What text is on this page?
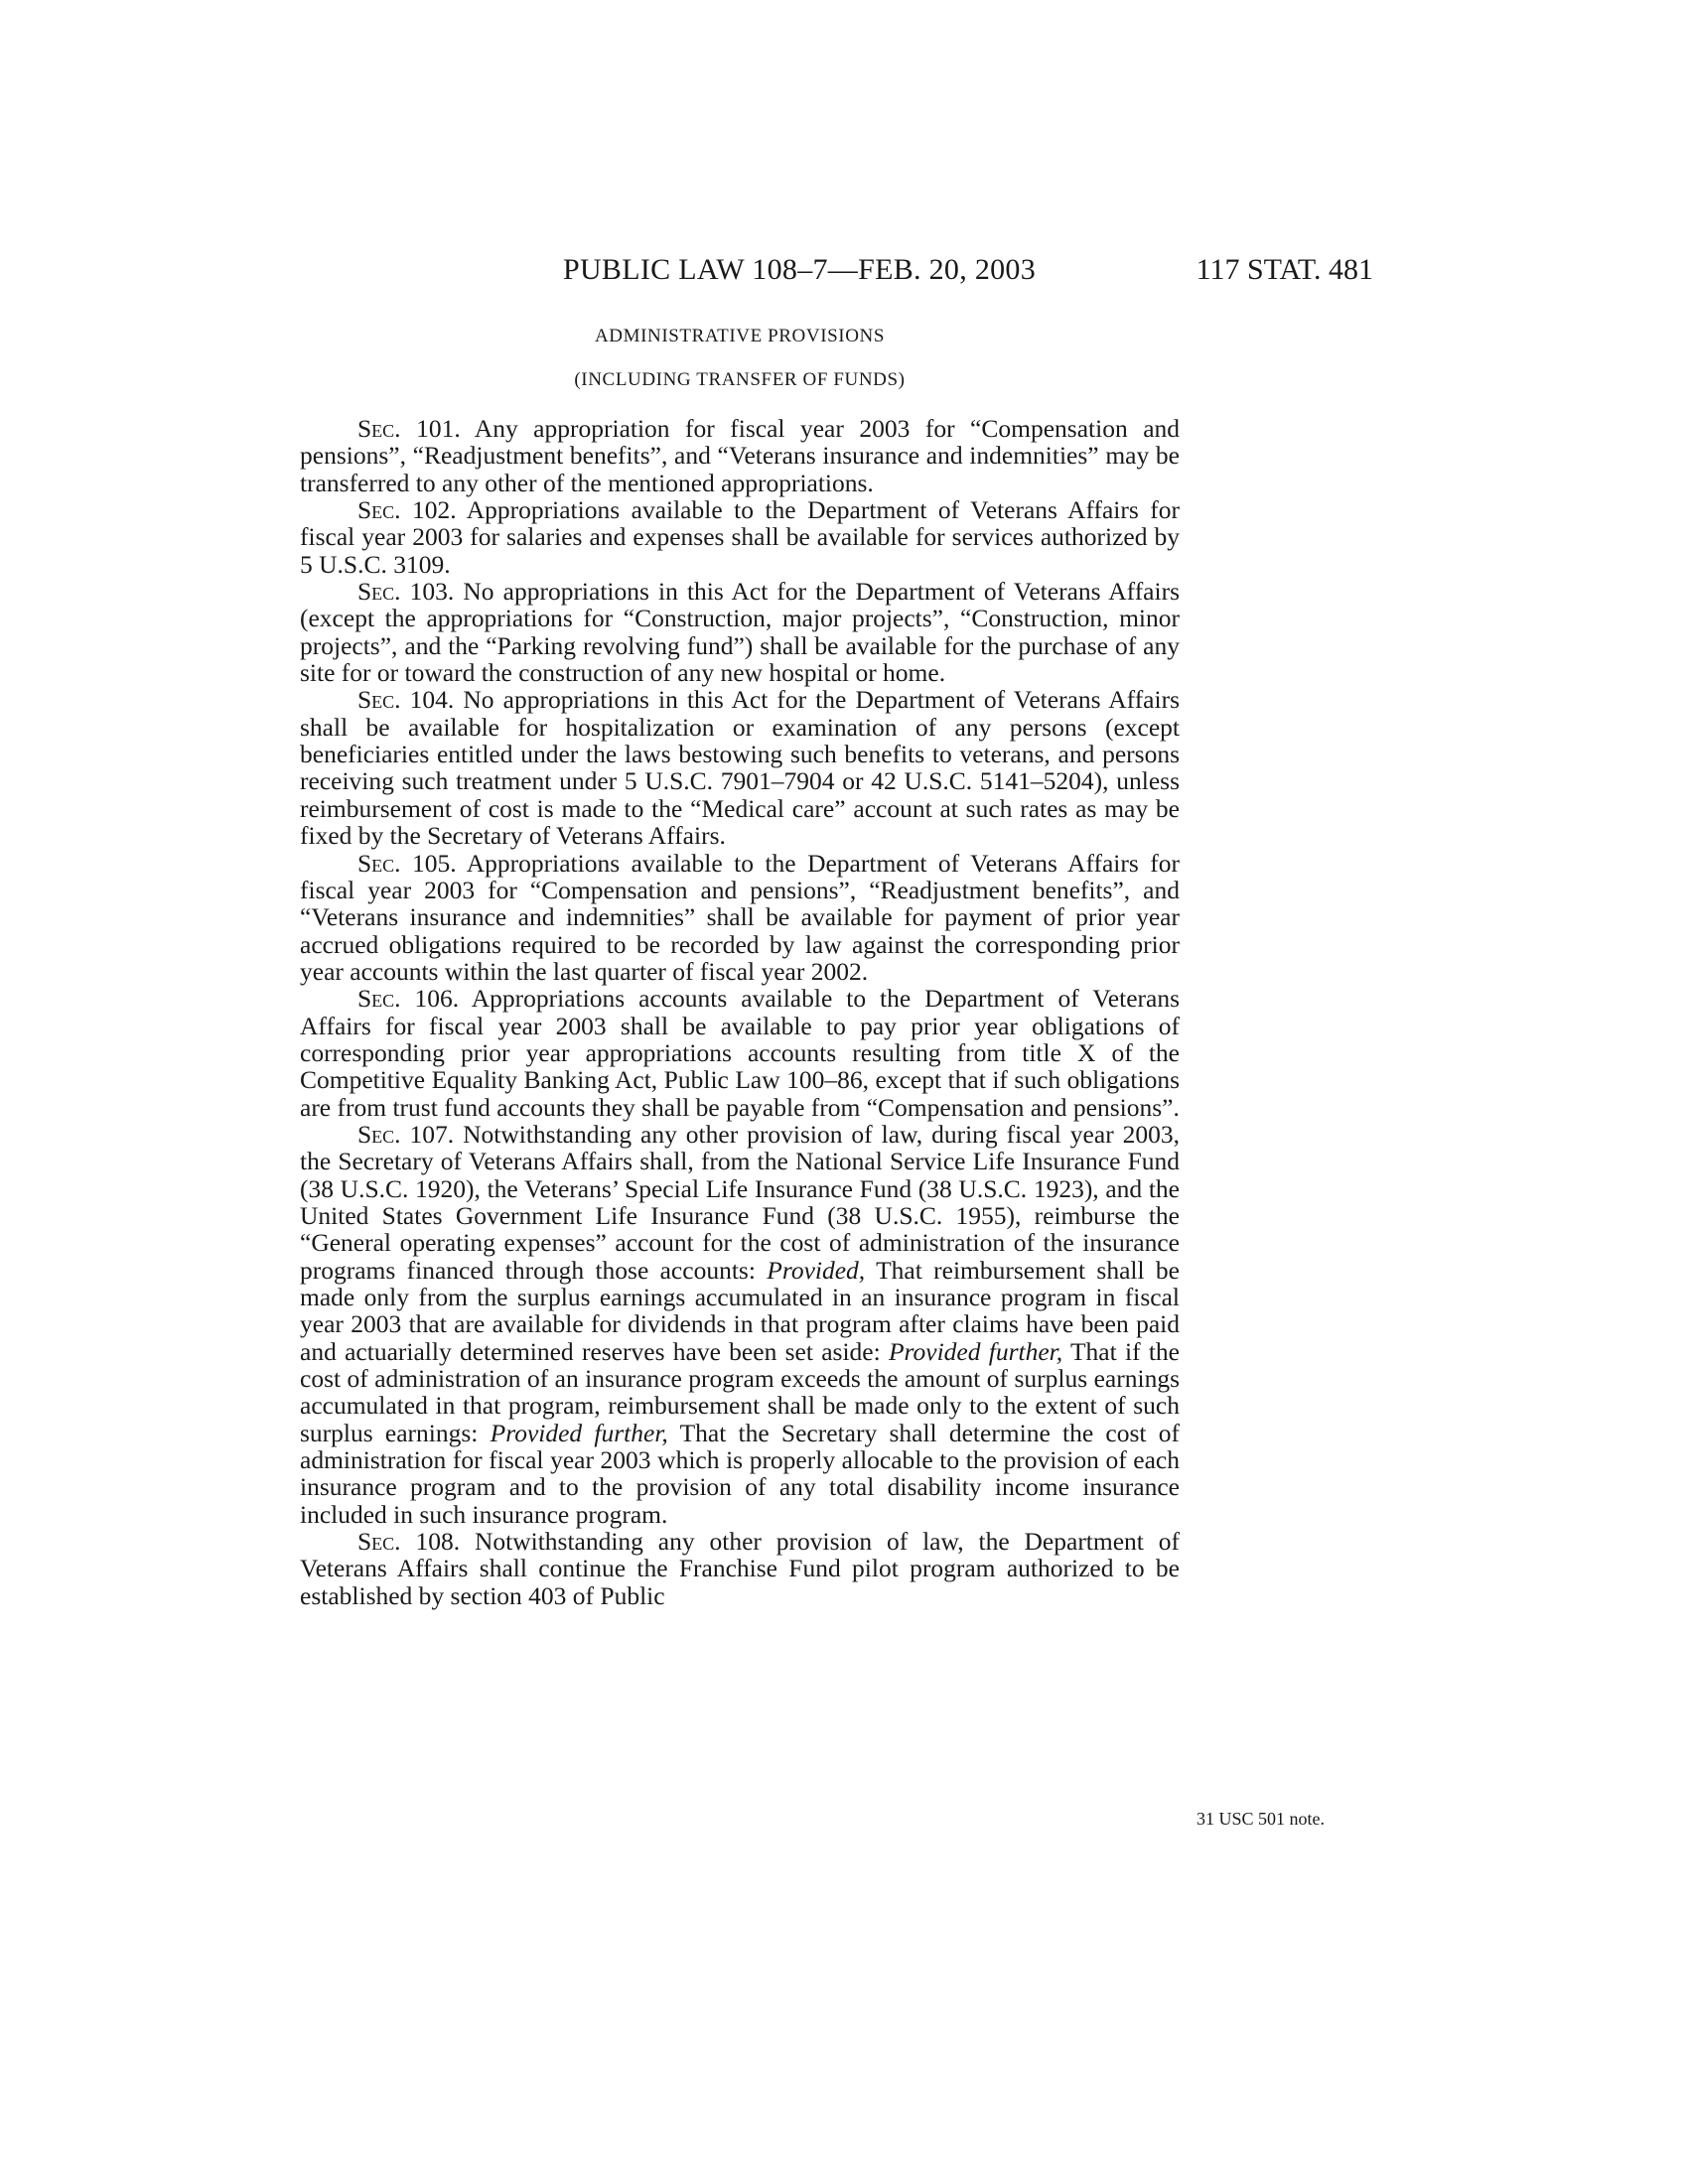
PUBLIC LAW 108–7—FEB. 20, 2003	117 STAT. 481
ADMINISTRATIVE PROVISIONS
(INCLUDING TRANSFER OF FUNDS)

Sec. 101. Any appropriation for fiscal year 2003 for “Compensation and pensions”, “Readjustment benefits”, and “Veterans insurance and indemnities” may be transferred to any other of the mentioned appropriations.

Sec. 102. Appropriations available to the Department of Veterans Affairs for fiscal year 2003 for salaries and expenses shall be available for services authorized by 5 U.S.C. 3109.

Sec. 103. No appropriations in this Act for the Department of Veterans Affairs (except the appropriations for “Construction, major projects”, “Construction, minor projects”, and the “Parking revolving fund”) shall be available for the purchase of any site for or toward the construction of any new hospital or home.

Sec. 104. No appropriations in this Act for the Department of Veterans Affairs shall be available for hospitalization or examination of any persons (except beneficiaries entitled under the laws bestowing such benefits to veterans, and persons receiving such treatment under 5 U.S.C. 7901–7904 or 42 U.S.C. 5141–5204), unless reimbursement of cost is made to the “Medical care” account at such rates as may be fixed by the Secretary of Veterans Affairs.

Sec. 105. Appropriations available to the Department of Veterans Affairs for fiscal year 2003 for “Compensation and pensions”, “Readjustment benefits”, and “Veterans insurance and indemnities” shall be available for payment of prior year accrued obligations required to be recorded by law against the corresponding prior year accounts within the last quarter of fiscal year 2002.

Sec. 106. Appropriations accounts available to the Department of Veterans Affairs for fiscal year 2003 shall be available to pay prior year obligations of corresponding prior year appropriations accounts resulting from title X of the Competitive Equality Banking Act, Public Law 100–86, except that if such obligations are from trust fund accounts they shall be payable from “Compensation and pensions”.

Sec. 107. Notwithstanding any other provision of law, during fiscal year 2003, the Secretary of Veterans Affairs shall, from the National Service Life Insurance Fund (38 U.S.C. 1920), the Veterans’ Special Life Insurance Fund (38 U.S.C. 1923), and the United States Government Life Insurance Fund (38 U.S.C. 1955), reimburse the “General operating expenses” account for the cost of administration of the insurance programs financed through those accounts: Provided, That reimbursement shall be made only from the surplus earnings accumulated in an insurance program in fiscal year 2003 that are available for dividends in that program after claims have been paid and actuarially determined reserves have been set aside: Provided further, That if the cost of administration of an insurance program exceeds the amount of surplus earnings accumulated in that program, reimbursement shall be made only to the extent of such surplus earnings: Provided further, That the Secretary shall determine the cost of administration for fiscal year 2003 which is properly allocable to the provision of each insurance program and to the provision of any total disability income insurance included in such insurance program.

Sec. 108. Notwithstanding any other provision of law, the Department of Veterans Affairs shall continue the Franchise Fund pilot program authorized to be established by section 403 of Public

31 USC 501 note.
